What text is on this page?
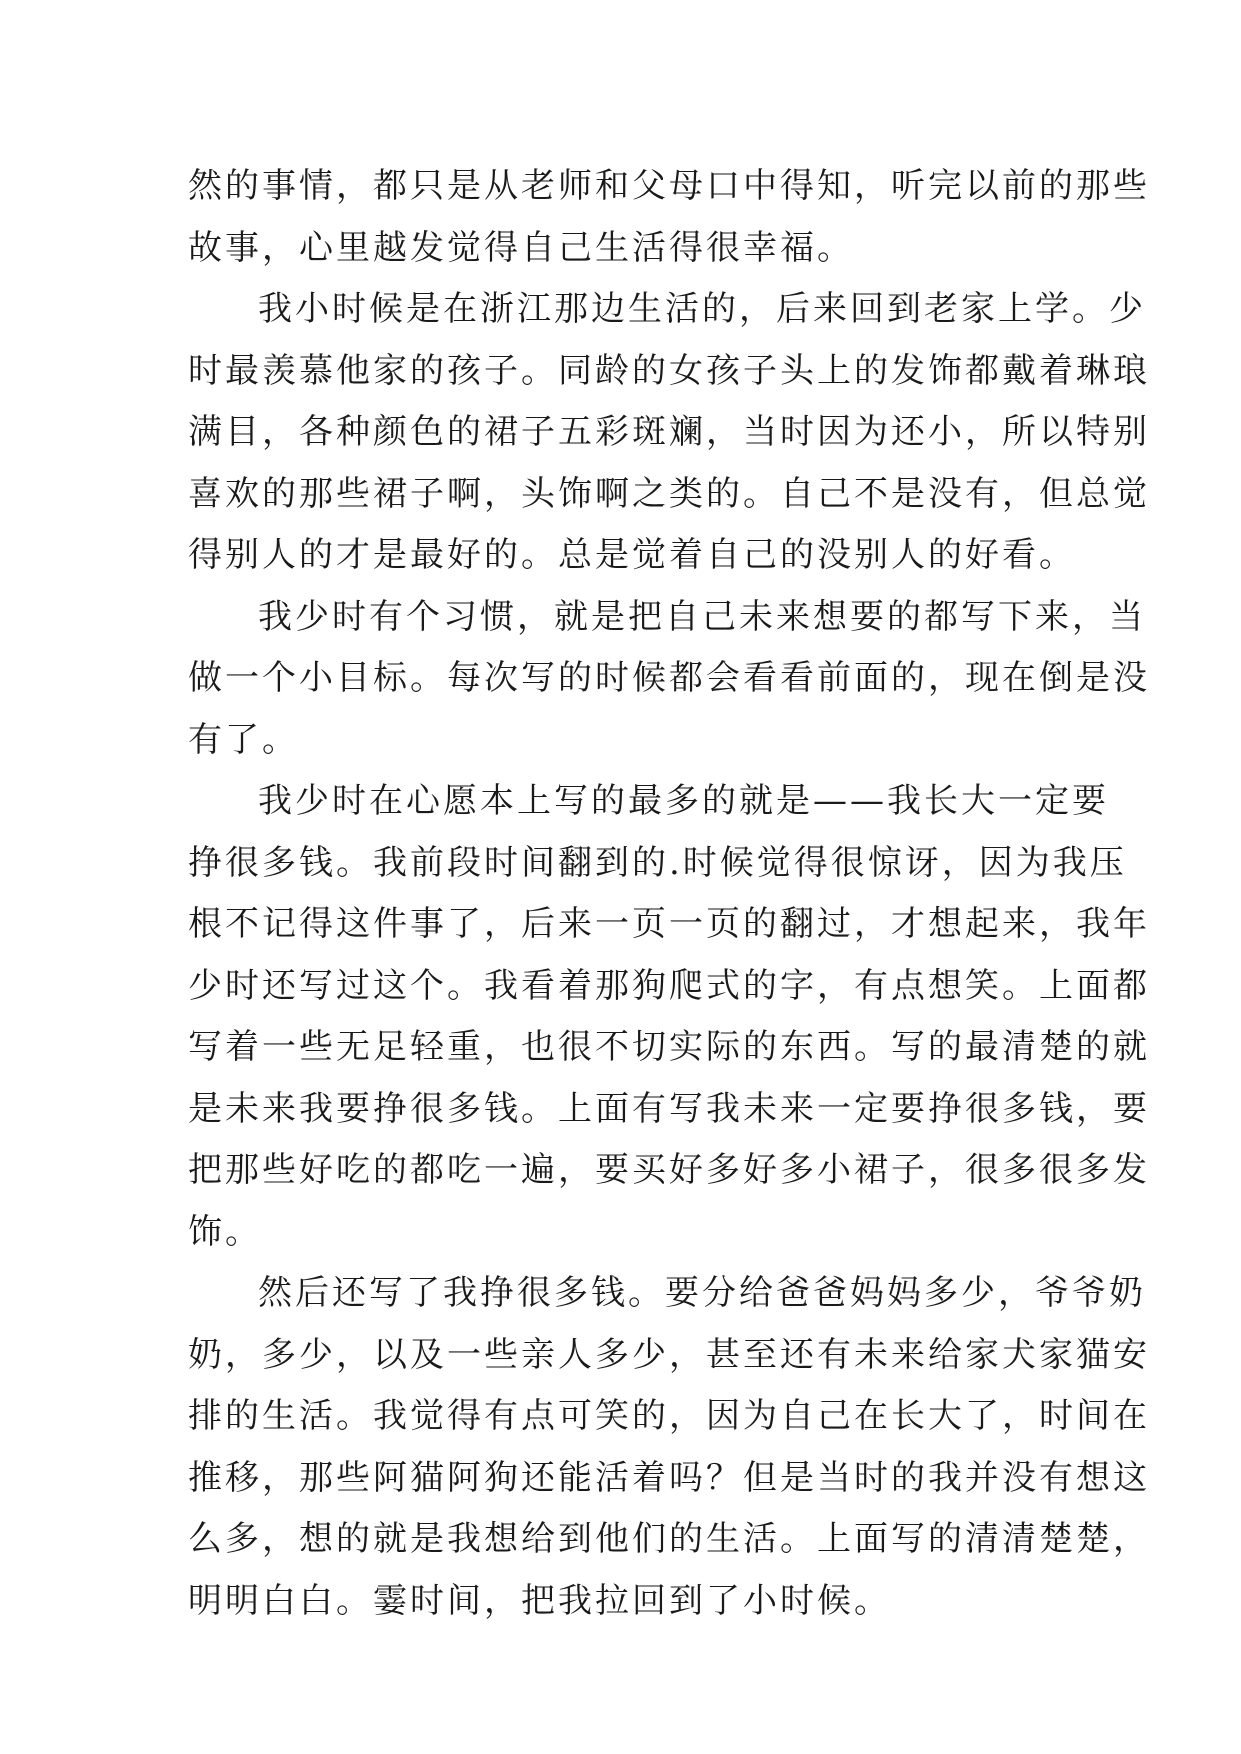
然的事情，都只是从老师和父母口中得知，听完以前的那些
故事，心里越发觉得自己生活得很幸福。
我小时候是在浙江那边生活的，后来回到老家上学。少
时最羡慕他家的孩子。同龄的女孩子头上的发饰都戴着琳琅
满目，各种颜色的裙子五彩斑斓，当时因为还小，所以特别
喜欢的那些裙子啊，头饰啊之类的。自己不是没有，但总觉
得别人的才是最好的。总是觉着自己的没别人的好看。
我少时有个习惯，就是把自己未来想要的都写下来，当
做一个小目标。每次写的时候都会看看前面的，现在倒是没
有了。
我少时在心愿本上写的最多的就是——我长大一定要
挣很多钱。我前段时间翻到的.时候觉得很惊讶，因为我压
根不记得这件事了，后来一页一页的翻过，才想起来，我年
少时还写过这个。我看着那狗爬式的字，有点想笑。上面都
写着一些无足轻重，也很不切实际的东西。写的最清楚的就
是未来我要挣很多钱。上面有写我未来一定要挣很多钱，要
把那些好吃的都吃一遍，要买好多好多小裙子，很多很多发
饰。
然后还写了我挣很多钱。要分给爸爸妈妈多少，爷爷奶
奶，多少，以及一些亲人多少，甚至还有未来给家犬家猫安
排的生活。我觉得有点可笑的，因为自己在长大了，时间在
推移，那些阿猫阿狗还能活着吗？但是当时的我并没有想这
么多，想的就是我想给到他们的生活。上面写的清清楚楚，
明明白白。霎时间，把我拉回到了小时候。
